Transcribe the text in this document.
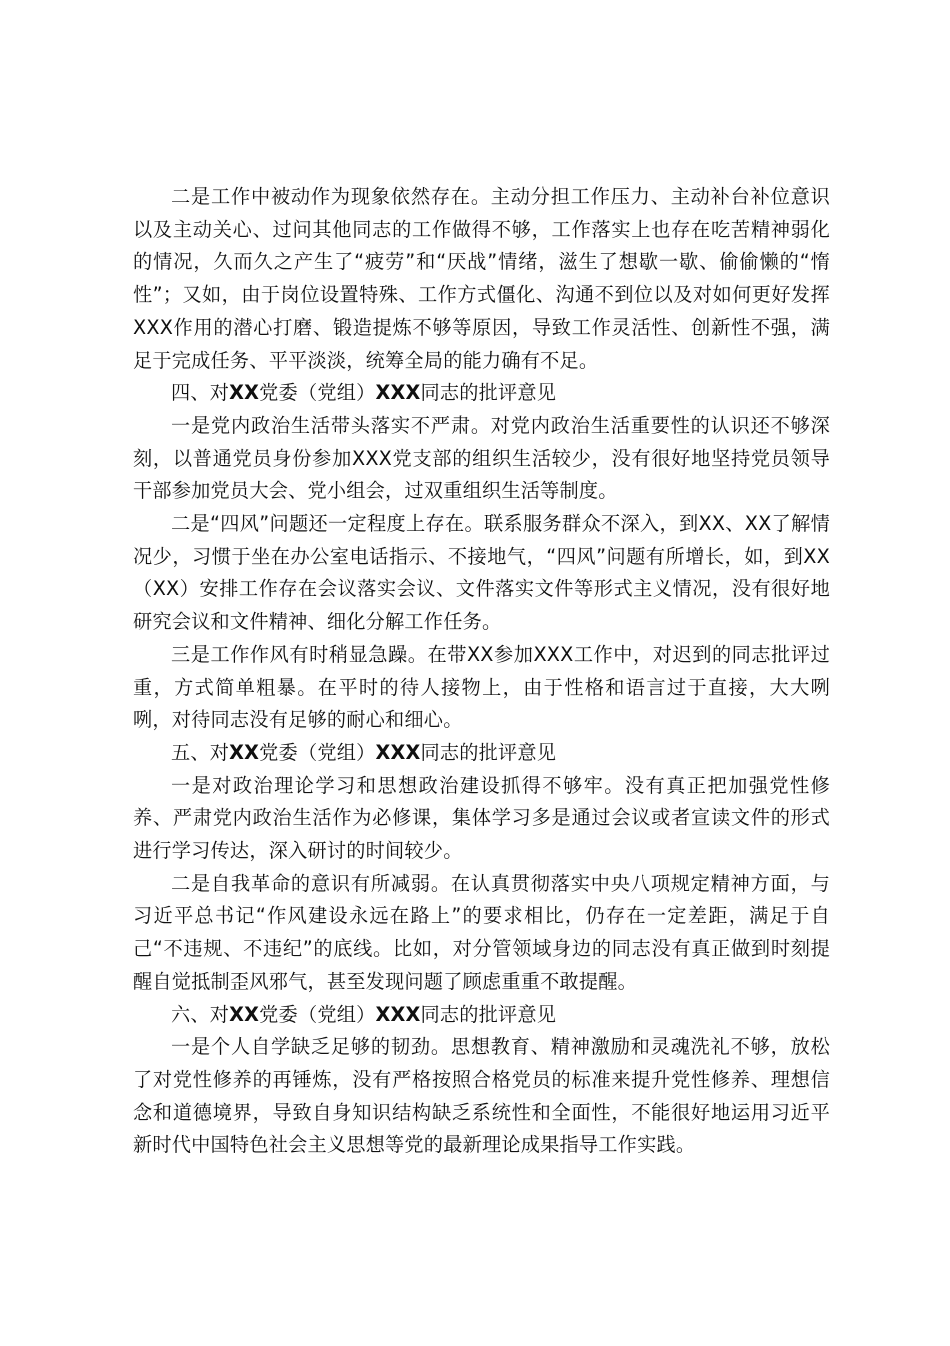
二是工作中被动作为现象依然存在。主动分担工作压力、主动补台补位意识以及主动关心、过问其他同志的工作做得不够，工作落实上也存在吃苦精神弱化的情况，久而久之产生了“疲劳”和“厌战”情绪，滋生了想歇一歇、偷偷懒的“惰性”；又如，由于岗位设置特殊、工作方式僵化、沟通不到位以及对如何更好发挥XXX作用的潜心打磨、锻造提炼不够等原因，导致工作灵活性、创新性不强，满足于完成任务、平平淡淡，统筹全局的能力确有不足。

四、对XX党委（党组）XXX同志的批评意见

一是党内政治生活带头落实不严肃。对党内政治生活重要性的认识还不够深刻，以普通党员身份参加XXX党支部的组织生活较少，没有很好地坚持党员领导干部参加党员大会、党小组会，过双重组织生活等制度。

二是“四风”问题还一定程度上存在。联系服务群众不深入，到XX、XX了解情况少，习惯于坐在办公室电话指示、不接地气，“四风”问题有所增长，如，到XX（XX）安排工作存在会议落实会议、文件落实文件等形式主义情况，没有很好地研究会议和文件精神、细化分解工作任务。

三是工作作风有时稍显急躁。在带XX参加XXX工作中，对迟到的同志批评过重，方式简单粗暴。在平时的待人接物上，由于性格和语言过于直接，大大咧咧，对待同志没有足够的耐心和细心。

五、对XX党委（党组）XXX同志的批评意见

一是对政治理论学习和思想政治建设抓得不够牢。没有真正把加强党性修养、严肃党内政治生活作为必修课，集体学习多是通过会议或者宣读文件的形式进行学习传达，深入研讨的时间较少。

二是自我革命的意识有所减弱。在认真贯彻落实中央八项规定精神方面，与习近平总书记“作风建设永远在路上”的要求相比，仍存在一定差距，满足于自己“不违规、不违纪”的底线。比如，对分管领域身边的同志没有真正做到时刻提醒自觉抵制歪风邪气，甚至发现问题了顾虑重重不敢提醒。

六、对XX党委（党组）XXX同志的批评意见

一是个人自学缺乏足够的韧劲。思想教育、精神激励和灵魂洗礼不够，放松了对党性修养的再锤炼，没有严格按照合格党员的标准来提升党性修养、理想信念和道德境界，导致自身知识结构缺乏系统性和全面性，不能很好地运用习近平新时代中国特色社会主义思想等党的最新理论成果指导工作实践。
